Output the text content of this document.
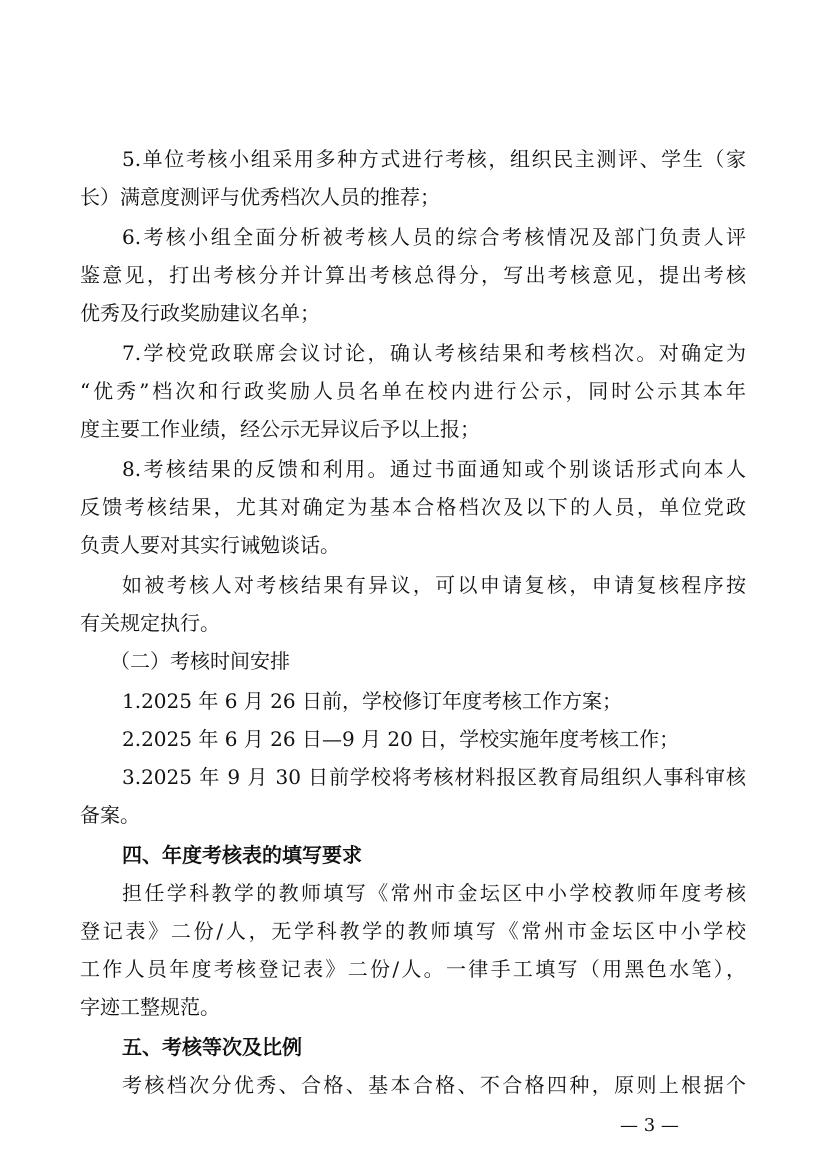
5.单位考核小组采用多种方式进行考核，组织民主测评、学生（家
长）满意度测评与优秀档次人员的推荐；
6.考核小组全面分析被考核人员的综合考核情况及部门负责人评
鉴意见，打出考核分并计算出考核总得分，写出考核意见，提出考核
优秀及行政奖励建议名单；
7.学校党政联席会议讨论，确认考核结果和考核档次。对确定为
“优秀”档次和行政奖励人员名单在校内进行公示，同时公示其本年
度主要工作业绩，经公示无异议后予以上报；
8.考核结果的反馈和利用。通过书面通知或个别谈话形式向本人
反馈考核结果，尤其对确定为基本合格档次及以下的人员，单位党政
负责人要对其实行诫勉谈话。
如被考核人对考核结果有异议，可以申请复核，申请复核程序按
有关规定执行。
（二）考核时间安排
1.2025 年 6 月 26 日前，学校修订年度考核工作方案；
2.2025 年 6 月 26 日—9 月 20 日，学校实施年度考核工作；
3.2025 年 9 月 30 日前学校将考核材料报区教育局组织人事科审核
备案。
四、年度考核表的填写要求
担任学科教学的教师填写《常州市金坛区中小学校教师年度考核
登记表》二份/人，无学科教学的教师填写《常州市金坛区中小学校
工作人员年度考核登记表》二份/人。一律手工填写（用黑色水笔），
字迹工整规范。
五、考核等次及比例
考核档次分优秀、合格、基本合格、不合格四种，原则上根据个
— 3 —
